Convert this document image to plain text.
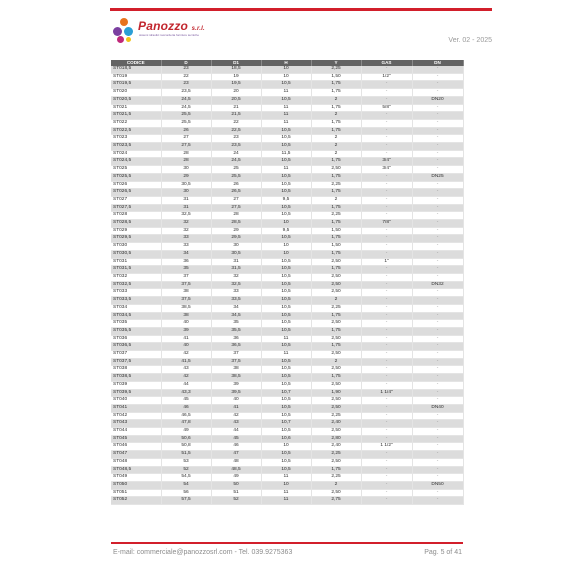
Panozzo s.r.l.
sistemi idraulici raccorderia forniture tecniche
Ver. 02 - 2025
CODICE	D	D1	H	Y	GAS	DN
ST018,5	23	18,5	10	2,25	-	-
ST019	22	19	10	1,50	1/2"	-
ST019,5	23	19,5	10,5	1,75	-	-
ST020	23,5	20	11	1,75	-	-
ST020,5	24,5	20,5	10,5	2	-	DN20
ST021	24,5	21	11	1,75	5/8"	-
ST021,5	25,5	21,5	11	2	-	-
ST022	25,5	22	11	1,75	-	-
ST022,5	26	22,5	10,5	1,75	-	-
ST023	27	23	10,5	2	-	-
ST023,5	27,5	23,5	10,5	2	-	-
ST024	28	24	11,5	2	-	-
ST024,5	28	24,5	10,5	1,75	3/4"	-
ST025	30	25	11	2,50	3/4"	-
ST025,5	29	25,5	10,5	1,75	-	DN25
ST026	30,5	26	10,5	2,25	-	-
ST026,5	30	26,5	10,5	1,75	-	-
ST027	31	27	9,5	2	-	-
ST027,5	31	27,5	10,5	1,75	-	-
ST028	32,5	28	10,5	2,25	-	-
ST028,5	32	28,5	10	1,75	7/8"	-
ST029	32	29	9,5	1,50	-	-
ST029,5	33	29,5	10,5	1,75	-	-
ST030	33	30	10	1,50	-	-
ST030,5	34	30,5	10	1,75	-	-
ST031	36	31	10,5	2,50	1"	-
ST031,5	35	31,5	10,5	1,75	-	-
ST032	37	32	10,5	2,50	-	-
ST032,5	37,5	32,5	10,5	2,50	-	DN32
ST033	38	33	10,5	2,50	-	-
ST033,5	37,5	33,5	10,5	2	-	-
ST034	38,5	34	10,5	2,25	-	-
ST034,5	38	34,5	10,5	1,75	-	-
ST035	40	35	10,5	2,50	-	-
ST035,5	39	35,5	10,5	1,75	-	-
ST036	41	36	11	2,50	-	-
ST036,5	40	36,5	10,5	1,75	-	-
ST037	42	37	11	2,50	-	-
ST037,5	41,5	37,5	10,5	2	-	-
ST038	43	38	10,5	2,50	-	-
ST038,5	42	38,5	10,5	1,75	-	-
ST039	44	39	10,5	2,50	-	-
ST039,5	43,3	39,5	10,7	1,90	1 1/4"	-
ST040	45	40	10,5	2,50	-	-
ST041	46	41	10,5	2,50	-	DN40
ST042	46,5	42	10,5	2,25	-	-
ST043	47,8	43	10,7	2,40	-	-
ST044	49	44	10,5	2,50	-	-
ST045	50,6	45	10,6	2,80	-	-
ST046	50,8	46	10	2,40	1 1/2"	-
ST047	51,5	47	10,5	2,25	-	-
ST048	53	48	10,5	2,50	-	-
ST048,5	52	48,5	10,5	1,75	-	-
ST049	54,5	49	11	2,25	-	-
ST050	54	50	10	2	-	DN50
ST051	56	51	11	2,50	-	-
ST052	57,5	52	11	2,75	-	-
E-mail: commerciale@panozzosrl.com - Tel. 039.9275363	Pag. 5 of 41
